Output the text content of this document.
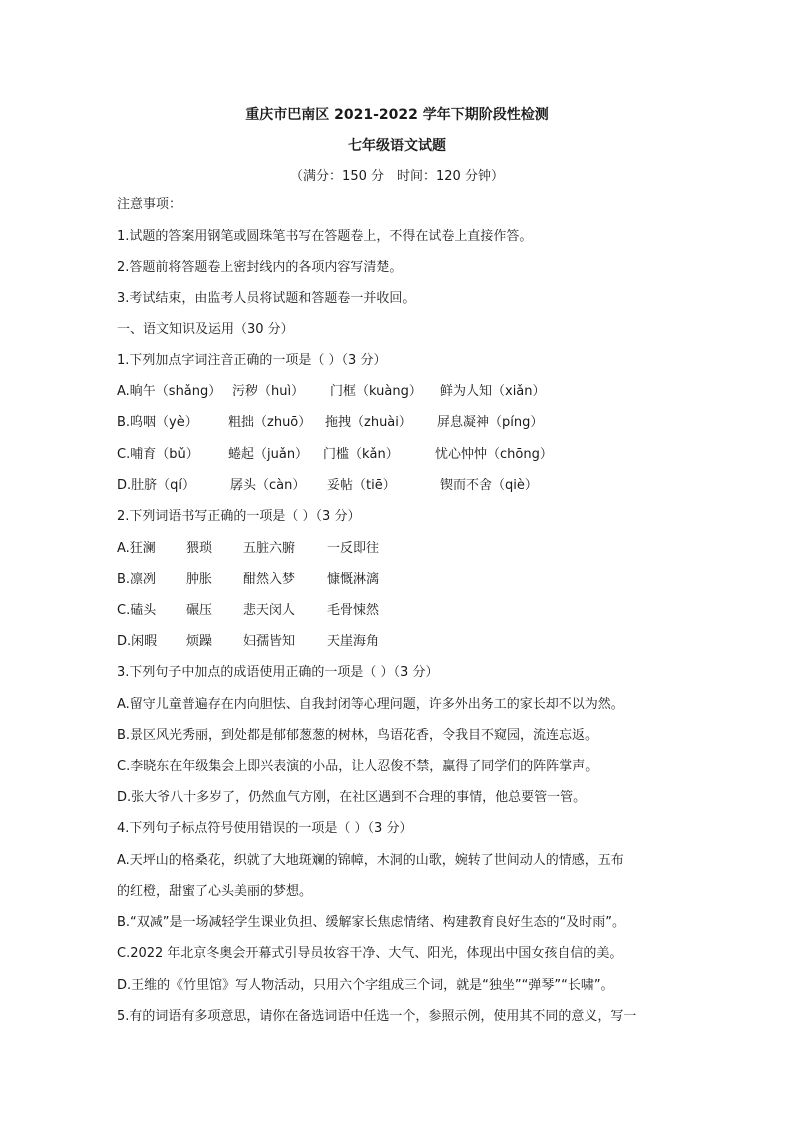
重庆市巴南区 2021-2022 学年下期阶段性检测
七年级语文试题
（满分：150 分　时间：120 分钟）
注意事项：
1.试题的答案用钢笔或圆珠笔书写在答题卷上，不得在试卷上直接作答。
2.答题前将答题卷上密封线内的各项内容写清楚。
3.考试结束，由监考人员将试题和答题卷一并收回。
一、语文知识及运用（30 分）
1.下列加点字词注音正确的一项是（ ）（3 分）
A.晌午（shǎng） 污秽（huì） 门框（kuàng） 鲜为人知（xiǎn）
B.呜咽（yè） 粗拙（zhuō） 拖拽（zhuài） 屏息凝神（píng）
C.哺育（bǔ） 蜷起（juǎn） 门槛（kǎn）	忧心忡忡（chōng）
D.肚脐（qí）	孱头（càn） 妥帖（tiē）	锲而不舍（qiè）
2.下列词语书写正确的一项是（ ）（3 分）
A.狂澜 猥琐 五脏六腑 一反即往
B.凛冽 肿胀 酣然入梦 慷慨淋漓
C.磕头 碾压 悲天闵人 毛骨悚然
D.闲暇 烦躁 妇孺皆知 天崖海角
3.下列句子中加点的成语使用正确的一项是（ ）（3 分）
A.留守儿童普遍存在内向胆怯、自我封闭等心理问题，许多外出务工的家长却不以为然。
B.景区风光秀丽，到处都是郁郁葱葱的树林，鸟语花香，令我目不窥园，流连忘返。
C.李晓东在年级集会上即兴表演的小品，让人忍俊不禁，赢得了同学们的阵阵掌声。
D.张大爷八十多岁了，仍然血气方刚，在社区遇到不合理的事情，他总要管一管。
4.下列句子标点符号使用错误的一项是（ ）（3 分）
A.天坪山的格桑花，织就了大地斑斓的锦幛，木洞的山歌，婉转了世间动人的情感，五布
的红橙，甜蜜了心头美丽的梦想。
B.“双减”是一场减轻学生课业负担、缓解家长焦虑情绪、构建教育良好生态的“及时雨”。
C.2022 年北京冬奥会开幕式引导员妆容干净、大气、阳光，体现出中国女孩自信的美。
D.王维的《竹里馆》写人物活动，只用六个字组成三个词，就是“独坐”“弹琴”“长啸”。
5.有的词语有多项意思，请你在备选词语中任选一个，参照示例，使用其不同的意义，写一
